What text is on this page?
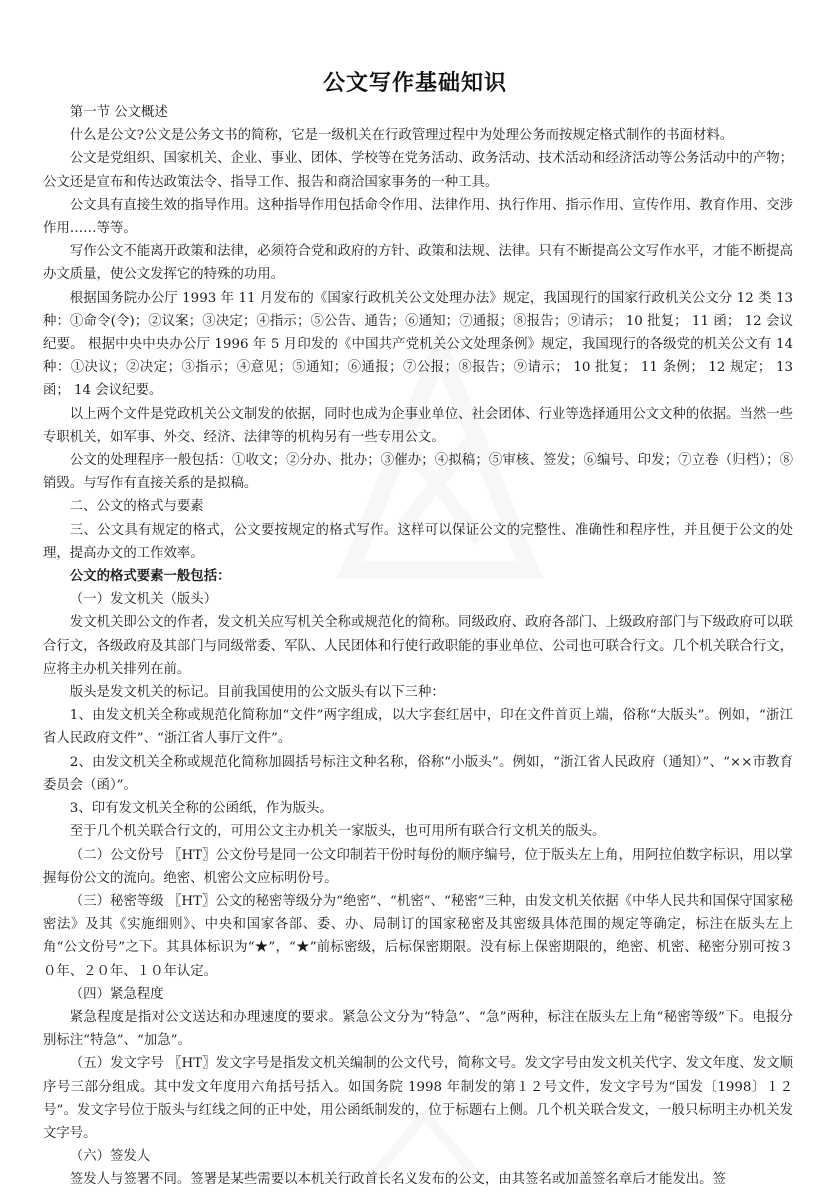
公文写作基础知识

第一节 公文概述

什么是公文?公文是公务文书的简称，它是一级机关在行政管理过程中为处理公务而按规定格式制作的书面材料。

公文是党组织、国家机关、企业、事业、团体、学校等在党务活动、政务活动、技术活动和经济活动等公务活动中的产物；公文还是宣布和传达政策法令、指导工作、报告和商洽国家事务的一种工具。

公文具有直接生效的指导作用。这种指导作用包括命令作用、法律作用、执行作用、指示作用、宣传作用、教育作用、交涉作用……等等。

写作公文不能离开政策和法律，必须符合党和政府的方针、政策和法规、法律。只有不断提高公文写作水平，才能不断提高办文质量，使公文发挥它的特殊的功用。

根据国务院办公厅 1993 年 11 月发布的《国家行政机关公文处理办法》规定，我国现行的国家行政机关公文分 12 类 13 种：①命令(令)；②议案；③决定；④指示；⑤公告、通告；⑥通知；⑦通报；⑧报告；⑨请示； 10 批复； 11 函； 12 会议纪要。 根据中央中央办公厅 1996 年 5 月印发的《中国共产党机关公文处理条例》规定，我国现行的各级党的机关公文有 14 种：①决议；②决定；③指示；④意见；⑤通知；⑥通报；⑦公报；⑧报告；⑨请示； 10 批复； 11 条例； 12 规定； 13 函； 14 会议纪要。

以上两个文件是党政机关公文制发的依据，同时也成为企事业单位、社会团体、行业等选择通用公文文种的依据。当然一些专职机关，如军事、外交、经济、法律等的机构另有一些专用公文。

公文的处理程序一般包括：①收文；②分办、批办；③催办；④拟稿；⑤审核、签发；⑥编号、印发；⑦立卷（归档）；⑧销毁。与写作有直接关系的是拟稿。

二、公文的格式与要素

三、公文具有规定的格式，公文要按规定的格式写作。这样可以保证公文的完整性、准确性和程序性，并且便于公文的处理，提高办文的工作效率。

公文的格式要素一般包括：

（一）发文机关（版头）

发文机关即公文的作者，发文机关应写机关全称或规范化的简称。同级政府、政府各部门、上级政府部门与下级政府可以联合行文，各级政府及其部门与同级常委、军队、人民团体和行使行政职能的事业单位、公司也可联合行文。几个机关联合行文，应将主办机关排列在前。

版头是发文机关的标记。目前我国使用的公文版头有以下三种：

1、由发文机关全称或规范化简称加“文件”两字组成，以大字套红居中，印在文件首页上端，俗称“大版头”。例如，“浙江省人民政府文件”、“浙江省人事厅文件”。

2、由发文机关全称或规范化简称加圆括号标注文种名称，俗称“小版头”。例如，“浙江省人民政府（通知）”、“××市教育委员会（函）”。

3、印有发文机关全称的公函纸，作为版头。

至于几个机关联合行文的，可用公文主办机关一家版头，也可用所有联合行文机关的版头。

（二）公文份号 〖HT〗公文份号是同一公文印制若干份时每份的顺序编号，位于版头左上角，用阿拉伯数字标识，用以掌握每份公文的流向。绝密、机密公文应标明份号。

（三）秘密等级 〖HT〗公文的秘密等级分为“绝密”、“机密”、“秘密”三种，由发文机关依据《中华人民共和国保守国家秘密法》及其《实施细则》、中央和国家各部、委、办、局制订的国家秘密及其密级具体范围的规定等确定，标注在版头左上角“公文份号”之下。其具体标识为“★”，“★”前标密级，后标保密期限。没有标上保密期限的，绝密、机密、秘密分别可按３０年、２０年、１０年认定。

（四）紧急程度

紧急程度是指对公文送达和办理速度的要求。紧急公文分为“特急”、“急”两种，标注在版头左上角“秘密等级”下。电报分别标注“特急”、“加急”。

（五）发文字号 〖HT〗发文字号是指发文机关编制的公文代号，简称文号。发文字号由发文机关代字、发文年度、发文顺序号三部分组成。其中发文年度用六角括号括入。如国务院 1998 年制发的第１２号文件，发文字号为“国发〔1998〕１２号”。发文字号位于版头与红线之间的正中处，用公函纸制发的，位于标题右上侧。几个机关联合发文，一般只标明主办机关发文字号。

（六）签发人

签发人与签署不同。签署是某些需要以本机关行政首长名义发布的公文，由其签名或加盖签名章后才能发出。签
